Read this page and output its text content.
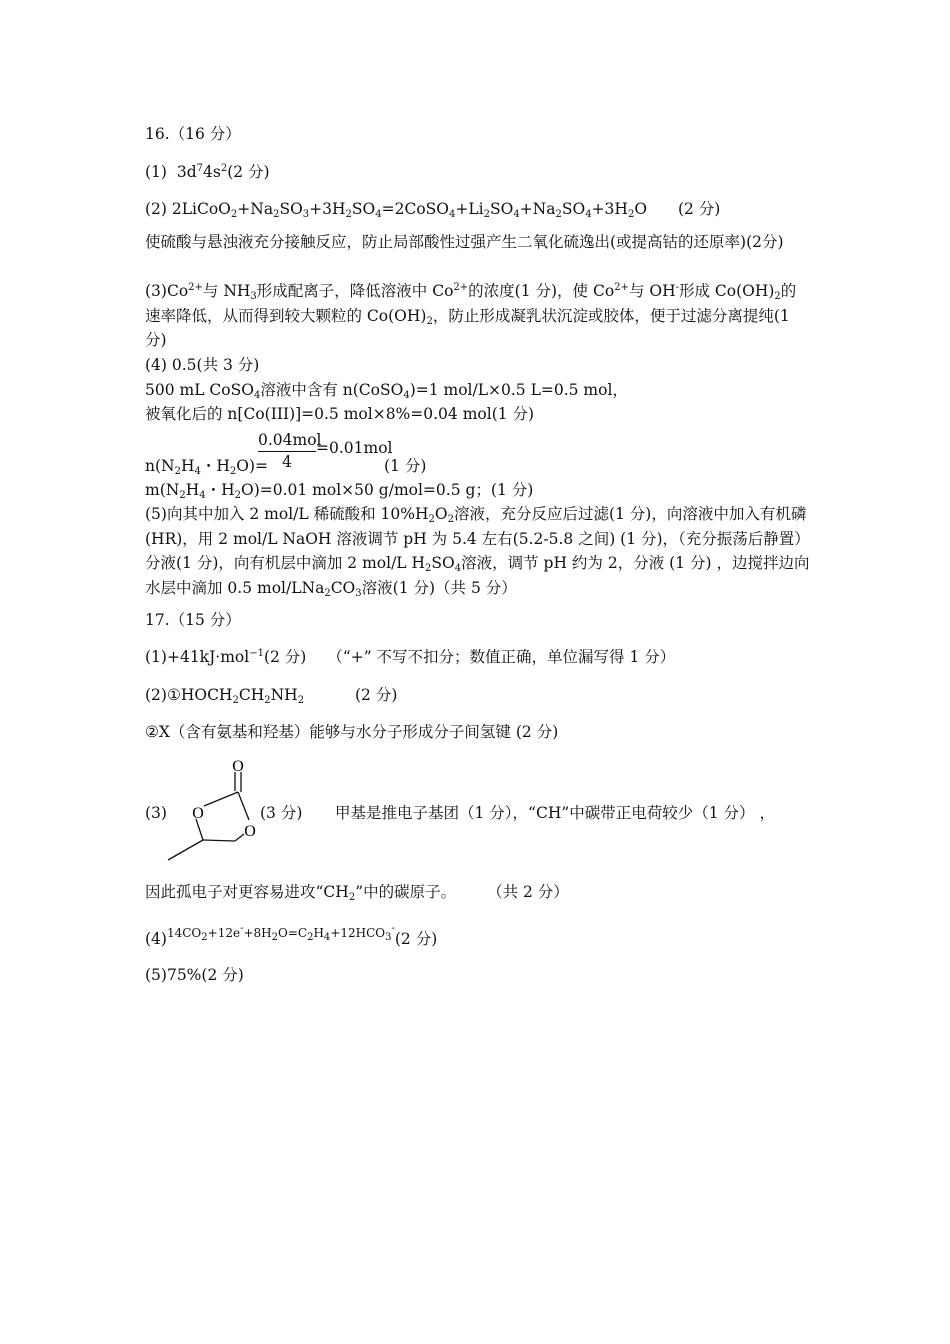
16.（16 分）
(1) $3d^74s^2(2$ 分)
(2) $2LiCoO_2+Na_2SO_3+3H_2SO_4=2CoSO_4+Li_2SO_4+Na_2SO_4+3H_2O$ (2 分)
使硫酸与悬浊液充分接触反应，防止局部酸性过强产生二氧化硫逸出(或提高钴的还原率)(2分)
$(3)Co^{2+}$与 $NH_3$形成配离子，降低溶液中 $Co^{2+}$的浓度(1 分)，使 $Co^{2+}$与 OH-形成 $Co(OH)_2$的速率降低，从而得到较大颗粒的 $Co(OH)_2$，防止形成凝乳状沉淀或胶体，便于过滤分离提纯(1分)
(4) 0.5(共 3 分)
500 mL CoSO$_4$溶液中含有 n(CoSO$_4$)=1 mol/L×0.5 L=0.5 mol，
被氧化后的 n[Co(III)]=0.5 mol×8%=0.04 mol(1 分)
0.04mol
4
=0.01mol
$n(N_2H_4$・$H_2O)=$	(1 分)
$m(N_2H_4$・$H_2O)=0.01$ mol×50 g/mol=0.5 g；(1 分)
(5)向其中加入 2 mol/L 稀硫酸和 $10\%H_2O_2$溶液，充分反应后过滤(1 分)，向溶液中加入有机磷(HR)，用 2 mol/L NaOH 溶液调节 pH 为 5.4 左右(5.2-5.8 之间) (1 分)，（充分振荡后静置）分液(1 分)，向有机层中滴加 2 mol/L $H_2SO_4$溶液，调节 pH 约为 2，分液 (1 分) ，边搅拌边向水层中滴加 0.5 mol/$LNa_2CO_3$溶液(1 分)（共 5 分）
17.（15 分）
(1)+41kJ·mol$^{-1}$(2 分) （“+” 不写不扣分；数值正确，单位漏写得 1 分）
$(2)①HOCH_2CH_2NH_2$	(2 分)
②X（含有氨基和羟基）能够与水分子形成分子间氢键 (2 分)
(3)
O
O
O
(3 分) 甲基是推电子基团（1 分），“CH”中碳带正电荷较少（1 分） ，
因此孤电子对更容易进攻“$CH_2$”中的碳原子。 （共 2 分）
$(4)^{14CO_2+12e^-+8H_2O=C_2H_4+12HCO_3^-}(2$ 分)
(5)75%(2 分)
